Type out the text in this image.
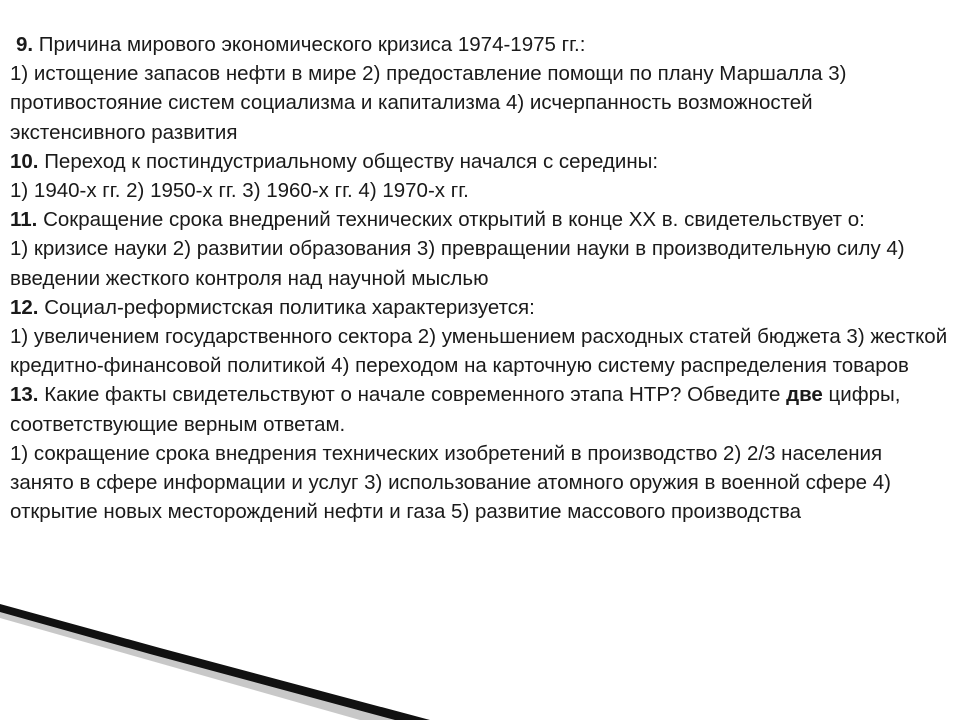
9. Причина мирового экономического кризиса 1974-1975 гг.:

1) истощение запасов нефти в мире 2) предоставление помощи по плану Маршалла 3) противостояние систем социализма и капитализма 4) исчерпанность возможностей экстенсивного развития

10. Переход к постиндустриальному обществу начался с середины:

1) 1940-х гг. 2) 1950-х гг. 3) 1960-х гг. 4) 1970-х гг.

11. Сокращение срока внедрений технических открытий в конце XX в. свидетельствует о:

1) кризисе науки 2) развитии образования 3) превращении науки в производительную силу 4) введении жесткого контроля над научной мыслью

12. Социал-реформистская политика характеризуется:

1) увеличением государственного сектора 2) уменьшением расходных статей бюджета 3) жесткой кредитно-финансовой политикой 4) переходом на карточную систему распределения товаров

13. Какие факты свидетельствуют о начале современного этапа НТР? Обведите две цифры, соответствующие верным ответам.

1) сокращение срока внедрения технических изобретений в производство 2) 2/3 населения занято в сфере информации и услуг 3) использование атомного оружия в военной сфере 4) открытие новых месторождений нефти и газа 5) развитие массового производства
